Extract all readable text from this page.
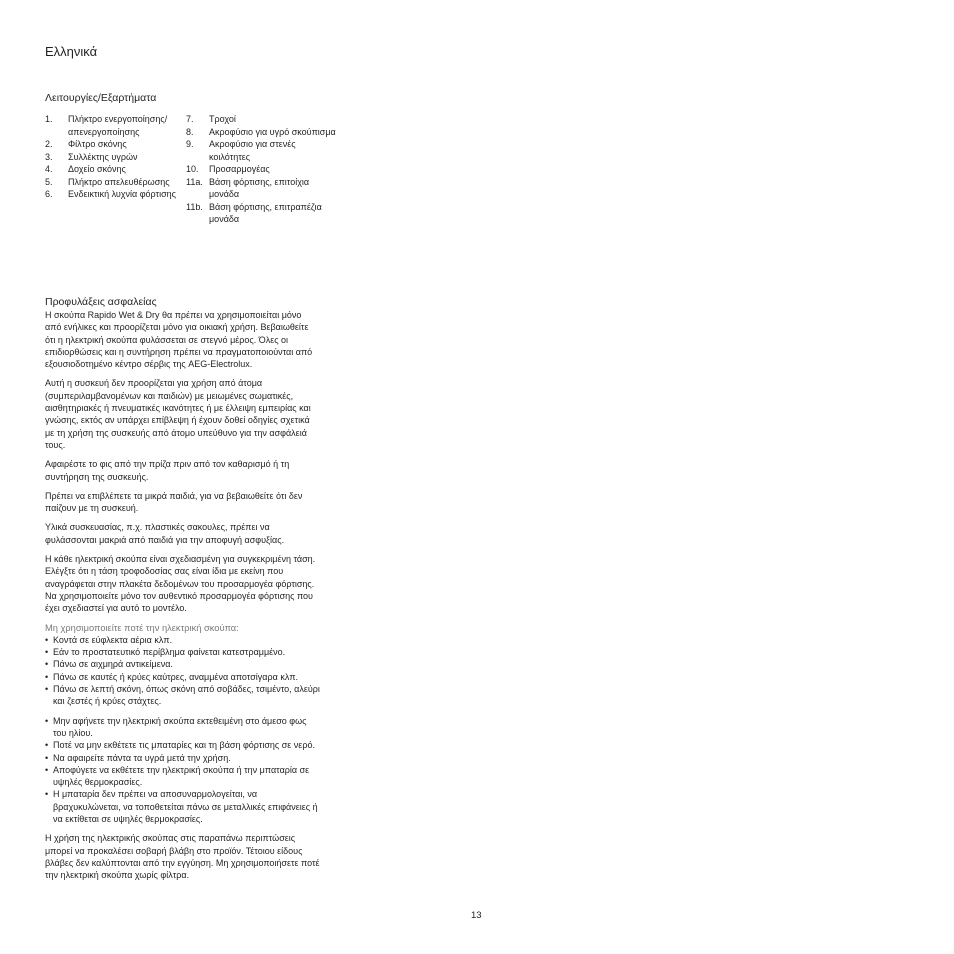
Ελληνικά
Λειτουργίες/Εξαρτήματα
1.	Πλήκτρο ενεργοποίησης/ απενεργοποίησης
2.	Φίλτρο σκόνης
3.	Συλλέκτης υγρών
4.	Δοχείο σκόνης
5.	Πλήκτρο απελευθέρωσης
6.	Ενδεικτική λυχνία φόρτισης
7.	Τροχοί
8.	Ακροφύσιο για υγρό σκούπισμα
9.	Ακροφύσιο για στενές κοιλότητες
10.	Προσαρμογέας
11a. Βάση φόρτισης, επιτοίχια μονάδα
11b. Βάση φόρτισης, επιτραπέζια μονάδα
Προφυλάξεις ασφαλείας

Η σκούπα Rapido Wet & Dry θα πρέπει να χρησιμοποιείται μόνο από ενήλικες και προορίζεται μόνο για οικιακή χρήση. Βεβαιωθείτε ότι η ηλεκτρική σκούπα φυλάσσεται σε στεγνό μέρος. Όλες οι επιδιορθώσεις και η συντήρηση πρέπει να πραγματοποιούνται από εξουσιοδοτημένο κέντρο σέρβις της AEG-Electrolux.

Αυτή η συσκευή δεν προορίζεται για χρήση από άτομα (συμπεριλαμβανομένων και παιδιών) με μειωμένες σωματικές, αισθητηριακές ή πνευματικές ικανότητες ή με έλλειψη εμπειρίας και γνώσης, εκτός αν υπάρχει επίβλεψη ή έχουν δοθεί οδηγίες σχετικά με τη χρήση της συσκευής από άτομο υπεύθυνο για την ασφάλειά τους.

Αφαιρέστε το φις από την πρίζα πριν από τον καθαρισμό ή τη συντήρηση της συσκευής.

Πρέπει να επιβλέπετε τα μικρά παιδιά, για να βεβαιωθείτε ότι δεν παίζουν με τη συσκευή.

Υλικά συσκευασίας, π.χ. πλαστικές σακουλες, πρέπει να φυλάσσονται μακριά από παιδιά για την αποφυγή ασφυξίας.

Η κάθε ηλεκτρική σκούπα είναι σχεδιασμένη για συγκεκριμένη τάση. Ελέγξτε ότι η τάση τροφοδοσίας σας είναι ίδια με εκείνη που αναγράφεται στην πλακέτα δεδομένων του προσαρμογέα φόρτισης. Να χρησιμοποιείτε μόνο τον αυθεντικό προσαρμογέα φόρτισης που έχει σχεδιαστεί για αυτό το μοντέλο.

Μη χρησιμοποιείτε ποτέ την ηλεκτρική σκούπα:
• Κοντά σε εύφλεκτα αέρια κλπ.
• Εάν το προστατευτικό περίβλημα φαίνεται κατεστραμμένο.
• Πάνω σε αιχμηρά αντικείμενα.
• Πάνω σε καυτές ή κρύες καύτρες, αναμμένα αποτσίγαρα κλπ.
• Πάνω σε λεπτή σκόνη, όπως σκόνη από σοβάδες, τσιμέντο, αλεύρι και ζεστές ή κρύες στάχτες.
• Μην αφήνετε την ηλεκτρική σκούπα εκτεθειμένη στο άμεσο φως του ηλίου.
• Ποτέ να μην εκθέτετε τις μπαταρίες και τη βάση φόρτισης σε νερό.
• Να αφαιρείτε πάντα τα υγρά μετά την χρήση.
• Αποφύγετε να εκθέτετε την ηλεκτρική σκούπα ή την μπαταρία σε υψηλές θερμοκρασίες.
• Η μπαταρία δεν πρέπει να αποσυναρμολογείται, να βραχυκυλώνεται, να τοποθετείται πάνω σε μεταλλικές επιφάνειες ή να εκτίθεται σε υψηλές θερμοκρασίες.

Η χρήση της ηλεκτρικής σκούπας στις παραπάνω περιπτώσεις μπορεί να προκαλέσει σοβαρή βλάβη στο προϊόν. Τέτοιου είδους βλάβες δεν καλύπτονται από την εγγύηση. Μη χρησιμοποιήσετε ποτέ την ηλεκτρική σκούπα χωρίς φίλτρα.

13
